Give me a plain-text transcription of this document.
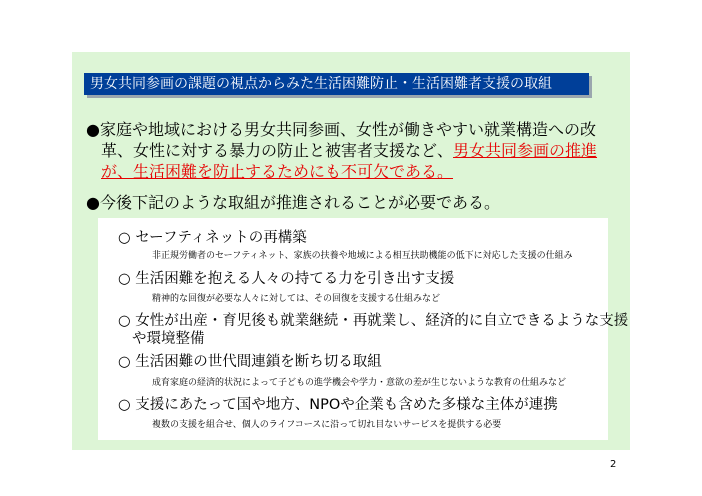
男女共同参画の課題の視点からみた生活困難防止・生活困難者支援の取組
●家庭や地域における男女共同参画、女性が働きやすい就業構造への改
革、女性に対する暴力の防止と被害者支援など、男女共同参画の推進
が、生活困難を防止するためにも不可欠である。
●今後下記のような取組が推進されることが必要である。
○ セーフティネットの再構築
非正規労働者のセーフティネット、家族の扶養や地域による相互扶助機能の低下に対応した支援の仕組み
○ 生活困難を抱える人々の持てる力を引き出す支援
精神的な回復が必要な人々に対しては、その回復を支援する仕組みなど
○ 女性が出産・育児後も就業継続・再就業し、経済的に自立できるような支援
や環境整備
○ 生活困難の世代間連鎖を断ち切る取組
成育家庭の経済的状況によって子どもの進学機会や学力・意欲の差が生じないような教育の仕組みなど
○ 支援にあたって国や地方、NPOや企業も含めた多様な主体が連携
複数の支援を組合せ、個人のライフコースに沿って切れ目ないサービスを提供する必要
2
